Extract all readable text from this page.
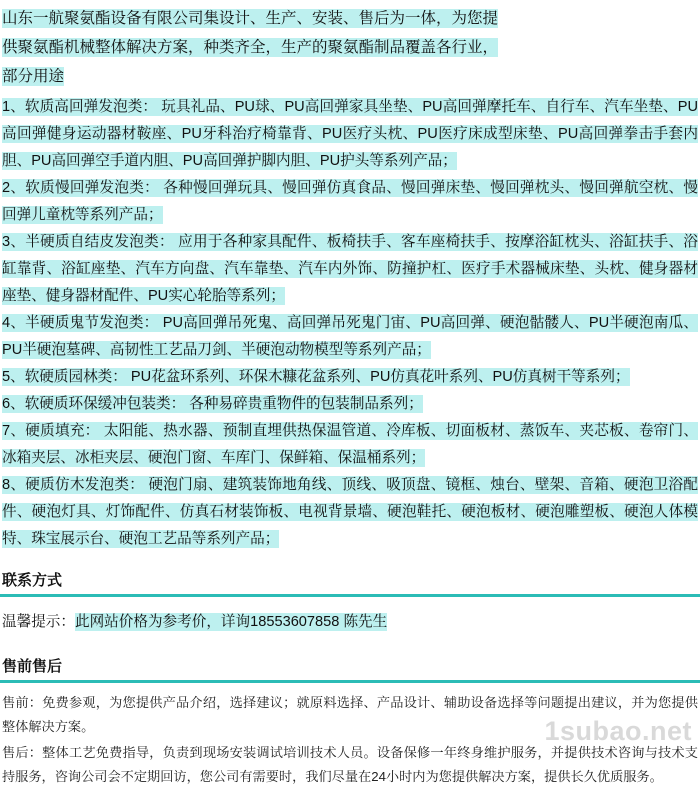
山东一航聚氨酯设备有限公司集设计、生产、安装、售后为一体，为您提
供聚氨酯机械整体解决方案，种类齐全，生产的聚氨酯制品覆盖各行业，
部分用途
1、软质高回弹发泡类： 玩具礼品、PU球、PU高回弹家具坐垫、PU高回弹摩托车、自行车、汽车坐垫、PU高回弹健身运动器材鞍座、PU牙科治疗椅靠背、PU医疗头枕、PU医疗床成型床垫、PU高回弹拳击手套内胆、PU高回弹空手道内胆、PU高回弹护脚内胆、PU护头等系列产品；
2、软质慢回弹发泡类： 各种慢回弹玩具、慢回弹仿真食品、慢回弹床垫、慢回弹枕头、慢回弹航空枕、慢回弹儿童枕等系列产品；
3、半硬质自结皮发泡类： 应用于各种家具配件、板椅扶手、客车座椅扶手、按摩浴缸枕头、浴缸扶手、浴缸靠背、浴缸座垫、汽车方向盘、汽车靠垫、汽车内外饰、防撞护杠、医疗手术器械床垫、头枕、健身器材座垫、健身器材配件、PU实心轮胎等系列；
4、半硬质鬼节发泡类： PU高回弹吊死鬼、高回弹吊死鬼门宙、PU高回弹、硬泡骷髅人、PU半硬泡南瓜、PU半硬泡墓碑、高韧性工艺品刀剑、半硬泡动物模型等系列产品；
5、软硬质园林类： PU花盆环系列、环保木糠花盆系列、PU仿真花叶系列、PU仿真树干等系列；
6、软硬质环保缓冲包装类： 各种易碎贵重物件的包装制品系列；
7、硬质填充： 太阳能、热水器、预制直埋供热保温管道、冷库板、切面板材、蒸饭车、夹芯板、卷帘门、冰箱夹层、冰柜夹层、硬泡门窗、车库门、保鲜箱、保温桶系列；
8、硬质仿木发泡类： 硬泡门扇、建筑装饰地角线、顶线、吸顶盘、镜框、烛台、壁架、音箱、硬泡卫浴配件、硬泡灯具、灯饰配件、仿真石材装饰板、电视背景墙、硬泡鞋托、硬泡板材、硬泡雕塑板、硬泡人体模特、珠宝展示台、硬泡工艺品等系列产品；
联系方式
温馨提示：此网站价格为参考价，详询18553607858 陈先生
售前售后
售前：免费参观，为您提供产品介绍，选择建议；就原料选择、产品设计、辅助设备选择等问题提出建议，并为您提供整体解决方案。
售后：整体工艺免费指导，负责到现场安装调试培训技术人员。设备保修一年终身维护服务，并提供技术咨询与技术支持服务，咨询公司会不定期回访，您公司有需要时，我们尽量在24小时内为您提供解决方案，提供长久优质服务。
1subao.net
